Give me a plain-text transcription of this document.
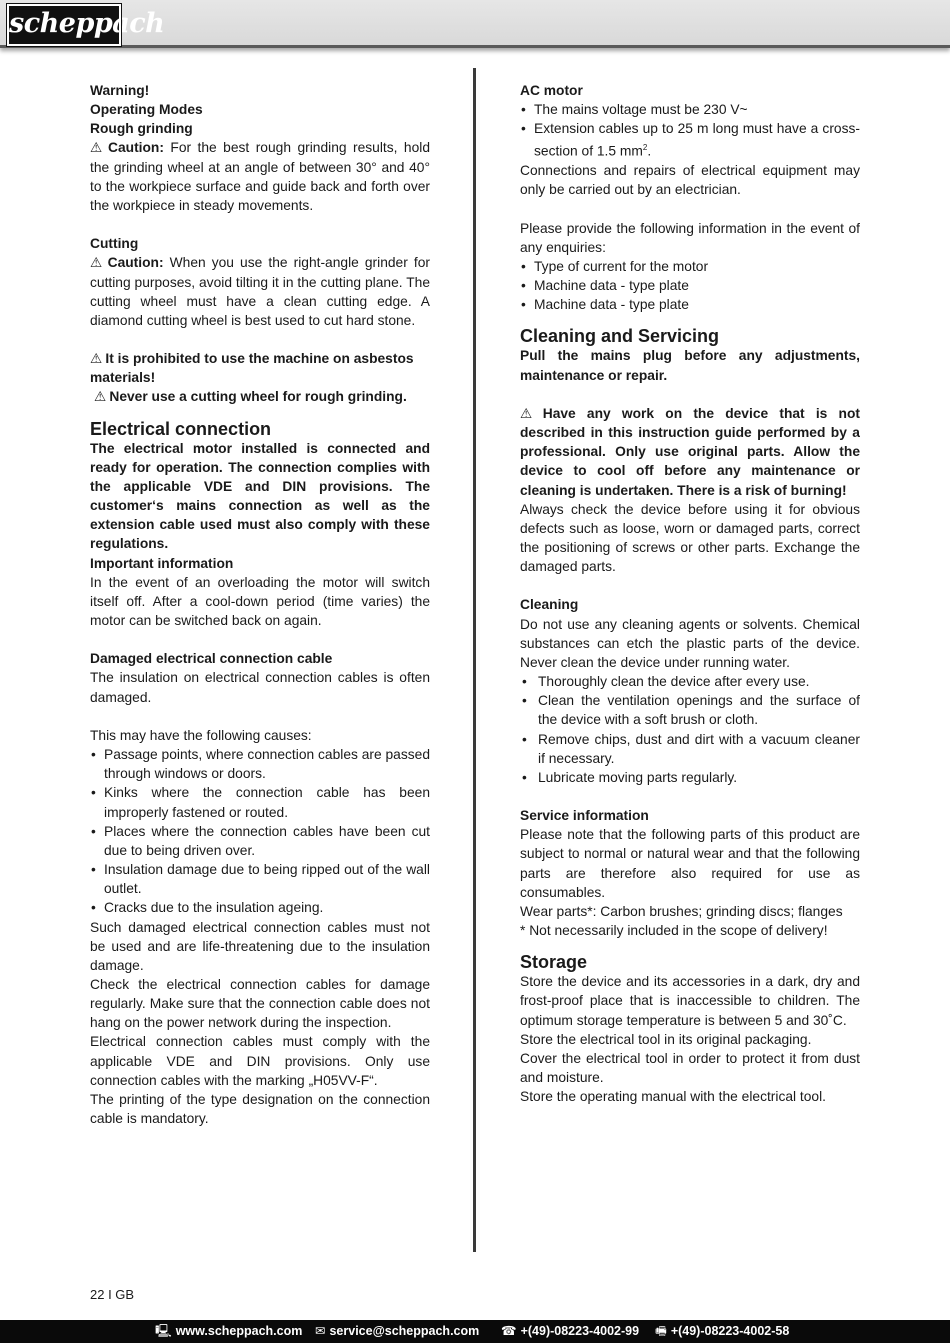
scheppach

Warning!

Operating Modes

Rough grinding

⚠ Caution: For the best rough grinding results, hold the grinding wheel at an angle of between 30° and 40° to the workpiece surface and guide back and forth over the workpiece in steady movements.

Cutting

⚠ Caution: When you use the right-angle grinder for cutting purposes, avoid tilting it in the cutting plane. The cutting wheel must have a clean cutting edge. A diamond cutting wheel is best used to cut hard stone.

⚠ It is prohibited to use the machine on asbestos materials!

⚠ Never use a cutting wheel for rough grinding.

Electrical connection

The electrical motor installed is connected and ready for operation. The connection complies with the applicable VDE and DIN provisions. The customer‘s mains connection as well as the extension cable used must also comply with these regulations.

Important information

In the event of an overloading the motor will switch itself off. After a cool-down period (time varies) the motor can be switched back on again.

Damaged electrical connection cable

The insulation on electrical connection cables is often damaged.

This may have the following causes:

• Passage points, where connection cables are passed through windows or doors.
• Kinks where the connection cable has been improperly fastened or routed.
• Places where the connection cables have been cut due to being driven over.
• Insulation damage due to being ripped out of the wall outlet.
• Cracks due to the insulation ageing.

Such damaged electrical connection cables must not be used and are life-threatening due to the insulation damage.

Check the electrical connection cables for damage regularly. Make sure that the connection cable does not hang on the power network during the inspection.

Electrical connection cables must comply with the applicable VDE and DIN provisions. Only use connection cables with the marking „H05VV-F“.

The printing of the type designation on the connection cable is mandatory.

AC motor

• The mains voltage must be 230 V~
• Extension cables up to 25 m long must have a cross-section of 1.5 $mm^2$.

Connections and repairs of electrical equipment may only be carried out by an electrician.

Please provide the following information in the event of any enquiries:

• Type of current for the motor
• Machine data - type plate
• Machine data - type plate

Cleaning and Servicing

Pull the mains plug before any adjustments, maintenance or repair.

⚠ Have any work on the device that is not described in this instruction guide performed by a professional. Only use original parts. Allow the device to cool off before any maintenance or cleaning is undertaken. There is a risk of burning!

Always check the device before using it for obvious defects such as loose, worn or damaged parts, correct the positioning of screws or other parts. Exchange the damaged parts.

Cleaning

Do not use any cleaning agents or solvents. Chemical substances can etch the plastic parts of the device. Never clean the device under running water.

• Thoroughly clean the device after every use.
• Clean the ventilation openings and the surface of the device with a soft brush or cloth.
• Remove chips, dust and dirt with a vacuum cleaner if necessary.
• Lubricate moving parts regularly.

Service information

Please note that the following parts of this product are subject to normal or natural wear and that the following parts are therefore also required for use as consumables.

Wear parts*: Carbon brushes; grinding discs; flanges

* Not necessarily included in the scope of delivery!

Storage

Store the device and its accessories in a dark, dry and frost-proof place that is inaccessible to children. The optimum storage temperature is between 5 and 30˚C.

Store the electrical tool in its original packaging.

Cover the electrical tool in order to protect it from dust and moisture.

Store the operating manual with the electrical tool.

22 I GB
🖳 www.scheppach.com ✉ service@scheppach.com ☎ +(49)-08223-4002-99 🖷 +(49)-08223-4002-58
